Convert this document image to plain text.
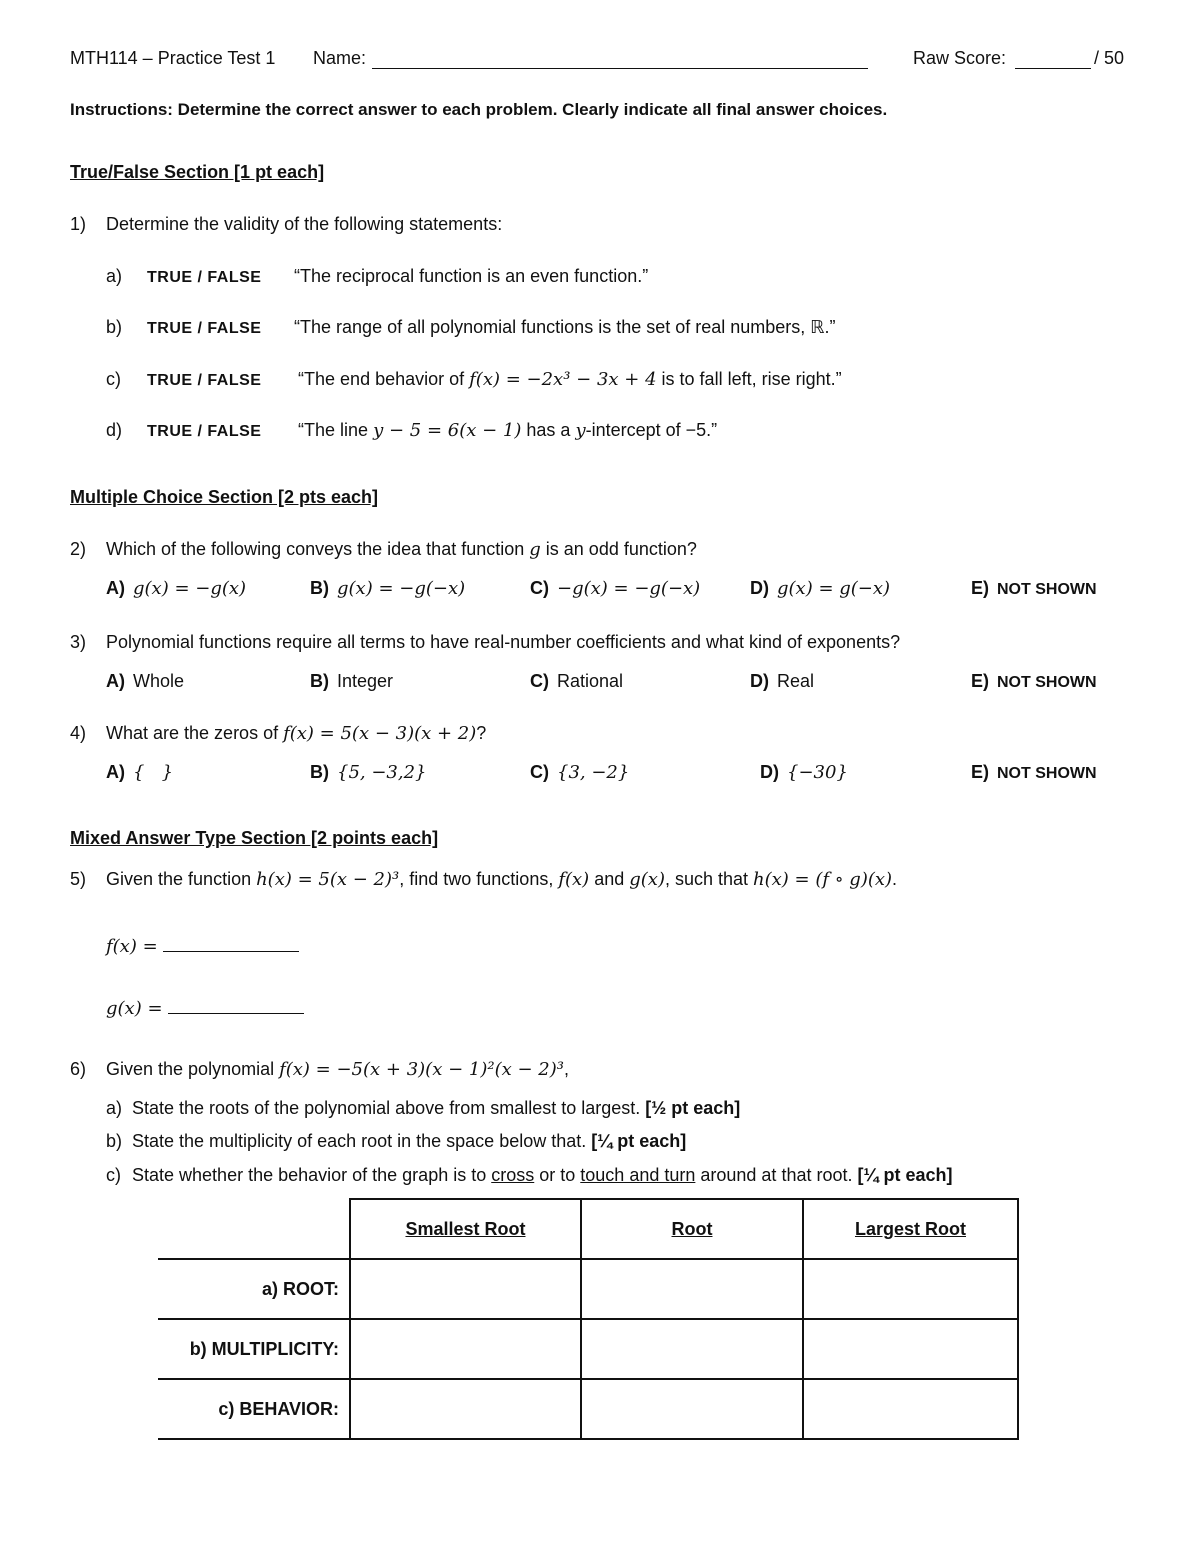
MTH114 – Practice Test 1 Name:	Raw Score:	/ 50
Instructions: Determine the correct answer to each problem. Clearly indicate all final answer choices.
True/False Section [1 pt each]
1) Determine the validity of the following statements:
a) TRUE / FALSE “The reciprocal function is an even function.”
b) TRUE / FALSE “The range of all polynomial functions is the set of real numbers, ℝ.”
c) TRUE / FALSE “The end behavior of f(x) = −2x³ − 3x + 4 is to fall left, rise right.”
d) TRUE / FALSE “The line y − 5 = 6(x − 1) has a y-intercept of −5.”
Multiple Choice Section [2 pts each]
2) Which of the following conveys the idea that function g is an odd function?
A) g(x) = −g(x)	B) g(x) = −g(−x)	C) −g(x) = −g(−x)	D) g(x) = g(−x)	E) NOT SHOWN
3) Polynomial functions require all terms to have real-number coefficients and what kind of exponents?
A) Whole	B) Integer	C) Rational	D) Real	E) NOT SHOWN
4) What are the zeros of f(x) = 5(x − 3)(x + 2)?
A) {   }	B) {5, −3,2}	C) {3, −2}	D) {−30}	E) NOT SHOWN
Mixed Answer Type Section [2 points each]
5) Given the function h(x) = 5(x − 2)³, find two functions, f(x) and g(x), such that h(x) = (f ∘ g)(x).
f(x) =
g(x) =
6) Given the polynomial f(x) = −5(x + 3)(x − 1)²(x − 2)³,
a) State the roots of the polynomial above from smallest to largest. [½ pt each]
b) State the multiplicity of each root in the space below that. [¼ pt each]
c) State whether the behavior of the graph is to cross or to touch and turn around at that root. [¼ pt each]
	Smallest Root	Root	Largest Root
a) ROOT:			
b) MULTIPLICITY:			
c) BEHAVIOR:			
